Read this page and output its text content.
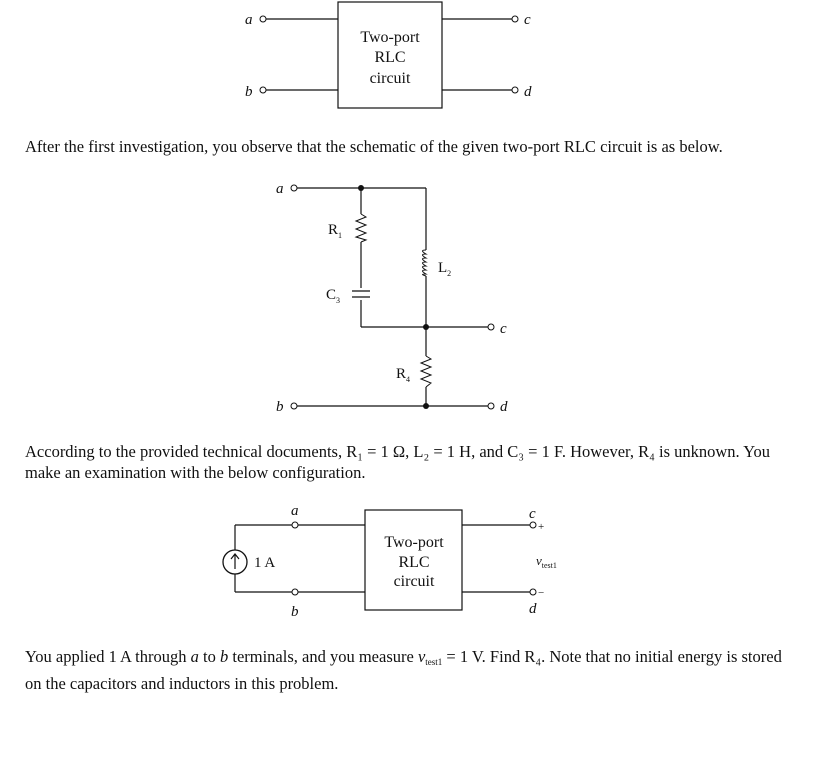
a
b
c
d
Two-port
RLC
circuit
After the first investigation, you observe that the schematic of the given two-port RLC circuit is as below.
a
b
c
d
$R_1$
$C_3$
$L_2$
$R_4$
According to the provided technical documents, R₁ = 1 Ω, L₂ = 1 H, and C₃ = 1 F. However, R₄ is unknown. You make an examination with the below configuration.
1 A
a
b
c
d
+
−
$v_{test1}$
Two-port
RLC
circuit
You applied 1 A through a to b terminals, and you measure vtest1 = 1 V. Find R₄. Note that no initial energy is stored on the capacitors and inductors in this problem.
